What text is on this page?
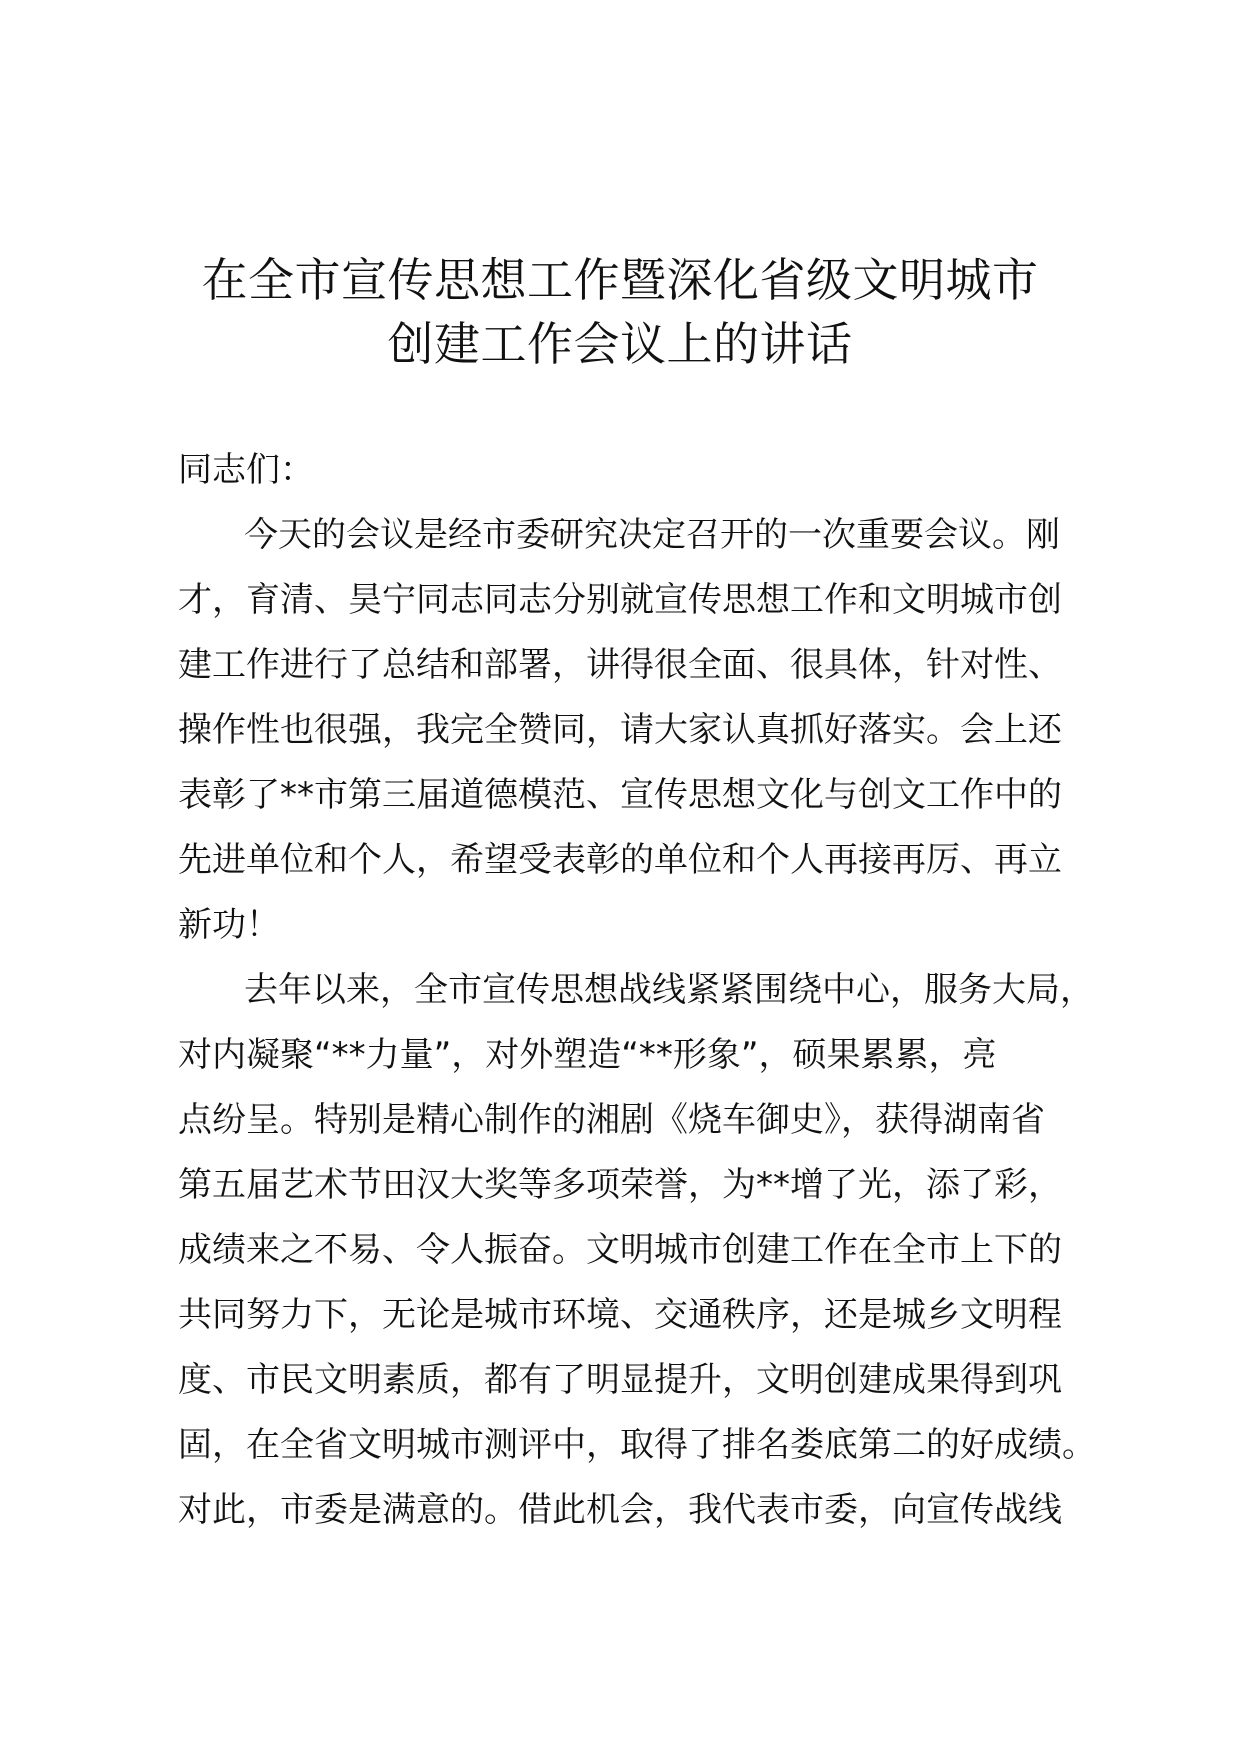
在全市宣传思想工作暨深化省级文明城市
创建工作会议上的讲话
同志们：
今天的会议是经市委研究决定召开的一次重要会议。刚
才，育清、昊宁同志同志分别就宣传思想工作和文明城市创
建工作进行了总结和部署，讲得很全面、很具体，针对性、
操作性也很强，我完全赞同，请大家认真抓好落实。会上还
表彰了**市第三届道德模范、宣传思想文化与创文工作中的
先进单位和个人，希望受表彰的单位和个人再接再厉、再立
新功！
去年以来，全市宣传思想战线紧紧围绕中心，服务大局，
对内凝聚“**力量”，对外塑造“**形象”，硕果累累，亮
点纷呈。特别是精心制作的湘剧《烧车御史》，获得湖南省
第五届艺术节田汉大奖等多项荣誉，为**增了光，添了彩，
成绩来之不易、令人振奋。文明城市创建工作在全市上下的
共同努力下，无论是城市环境、交通秩序，还是城乡文明程
度、市民文明素质，都有了明显提升，文明创建成果得到巩
固，在全省文明城市测评中，取得了排名娄底第二的好成绩。
对此，市委是满意的。借此机会，我代表市委，向宣传战线
